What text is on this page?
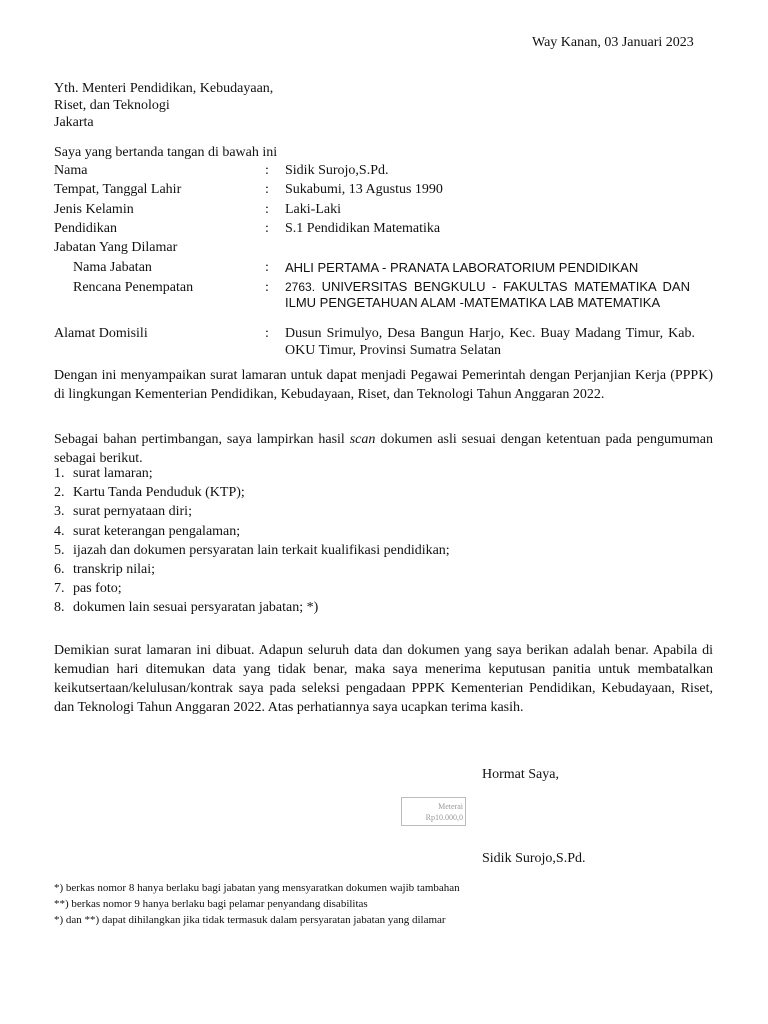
Way Kanan, 03 Januari 2023
Yth. Menteri Pendidikan, Kebudayaan,
Riset, dan Teknologi
Jakarta
Saya yang bertanda tangan di bawah ini
Nama	: Sidik Surojo,S.Pd.
Tempat, Tanggal Lahir	: Sukabumi, 13 Agustus 1990
Jenis Kelamin	: Laki-Laki
Pendidikan	: S.1 Pendidikan Matematika
Jabatan Yang Dilamar
Nama Jabatan	: AHLI PERTAMA - PRANATA LABORATORIUM PENDIDIKAN
Rencana Penempatan	: 2763. UNIVERSITAS BENGKULU - FAKULTAS MATEMATIKA DAN ILMU PENGETAHUAN ALAM -MATEMATIKA LAB MATEMATIKA
Alamat Domisili	: Dusun Srimulyo, Desa Bangun Harjo, Kec. Buay Madang Timur, Kab. OKU Timur, Provinsi Sumatra Selatan
Dengan ini menyampaikan surat lamaran untuk dapat menjadi Pegawai Pemerintah dengan Perjanjian Kerja (PPPK) di lingkungan Kementerian Pendidikan, Kebudayaan, Riset, dan Teknologi Tahun Anggaran 2022.
Sebagai bahan pertimbangan, saya lampirkan hasil scan dokumen asli sesuai dengan ketentuan pada pengumuman sebagai berikut.
1. surat lamaran;
2. Kartu Tanda Penduduk (KTP);
3. surat pernyataan diri;
4. surat keterangan pengalaman;
5. ijazah dan dokumen persyaratan lain terkait kualifikasi pendidikan;
6. transkrip nilai;
7. pas foto;
8. dokumen lain sesuai persyaratan jabatan; *)
Demikian surat lamaran ini dibuat. Adapun seluruh data dan dokumen yang saya berikan adalah benar. Apabila di kemudian hari ditemukan data yang tidak benar, maka saya menerima keputusan panitia untuk membatalkan keikutsertaan/kelulusan/kontrak saya pada seleksi pengadaan PPPK Kementerian Pendidikan, Kebudayaan, Riset, dan Teknologi Tahun Anggaran 2022. Atas perhatiannya saya ucapkan terima kasih.
Hormat Saya,
Meterai
Rp10.000,0
Sidik Surojo,S.Pd.
*) berkas nomor 8 hanya berlaku bagi jabatan yang mensyaratkan dokumen wajib tambahan
**) berkas nomor 9 hanya berlaku bagi pelamar penyandang disabilitas
*) dan **) dapat dihilangkan jika tidak termasuk dalam persyaratan jabatan yang dilamar
